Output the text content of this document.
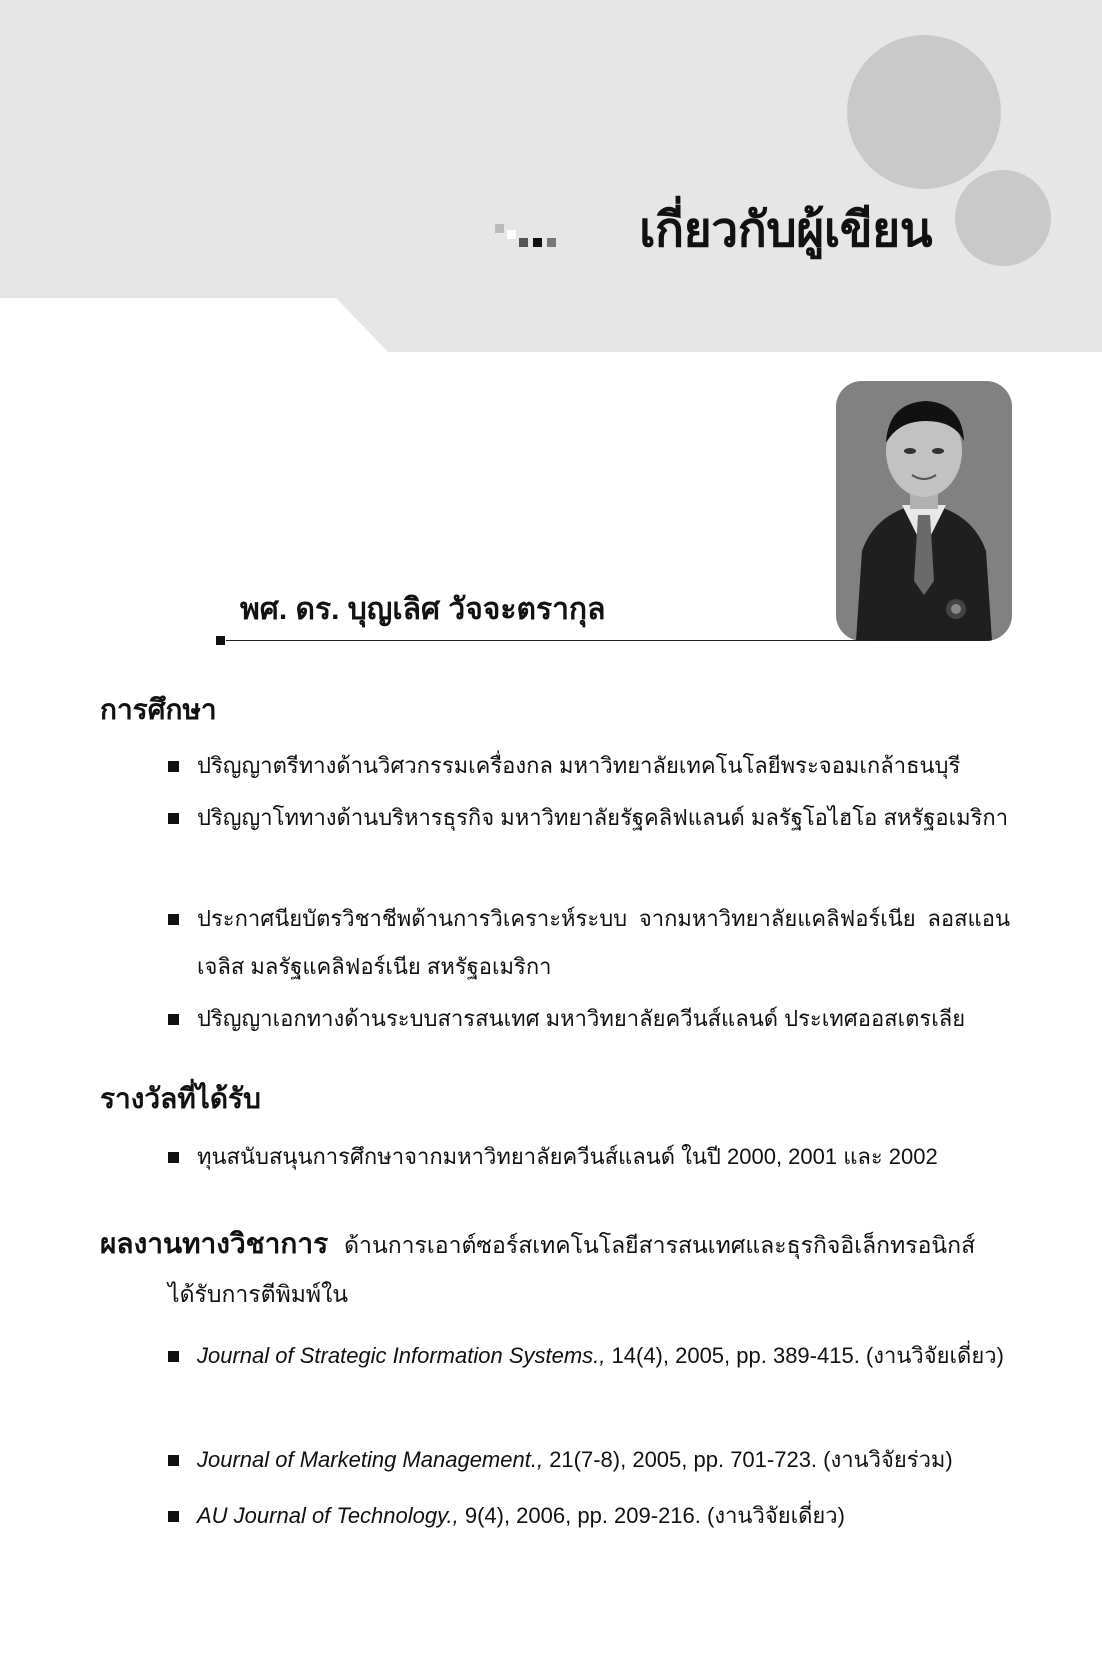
เกี่ยวกับผู้เขียน
พศ. ดร. บุญเลิศ วัจจะตรากุล
การศึกษา
ปริญญาตรีทางด้านวิศวกรรมเครื่องกล มหาวิทยาลัยเทคโนโลยีพระจอมเกล้าธนบุรี
ปริญญาโททางด้านบริหารธุรกิจ มหาวิทยาลัยรัฐคลิฟแลนด์ มลรัฐโอไฮโอ สหรัฐอเมริกา
ประกาศนียบัตรวิชาชีพด้านการวิเคราะห์ระบบ จากมหาวิทยาลัยแคลิฟอร์เนีย ลอสแอนเจลิส มลรัฐแคลิฟอร์เนีย สหรัฐอเมริกา
ปริญญาเอกทางด้านระบบสารสนเทศ มหาวิทยาลัยควีนส์แลนด์ ประเทศออสเตรเลีย
รางวัลที่ได้รับ
ทุนสนับสนุนการศึกษาจากมหาวิทยาลัยควีนส์แลนด์ ในปี 2000, 2001 และ 2002
ผลงานทางวิชาการ ด้านการเอาต์ซอร์สเทคโนโลยีสารสนเทศและธุรกิจอิเล็กทรอนิกส์

ได้รับการตีพิมพ์ใน

Journal of Strategic Information Systems., 14(4), 2005, pp. 389-415. (งานวิจัยเดี่ยว)
Journal of Marketing Management., 21(7-8), 2005, pp. 701-723. (งานวิจัยร่วม)
AU Journal of Technology., 9(4), 2006, pp. 209-216. (งานวิจัยเดี่ยว)
